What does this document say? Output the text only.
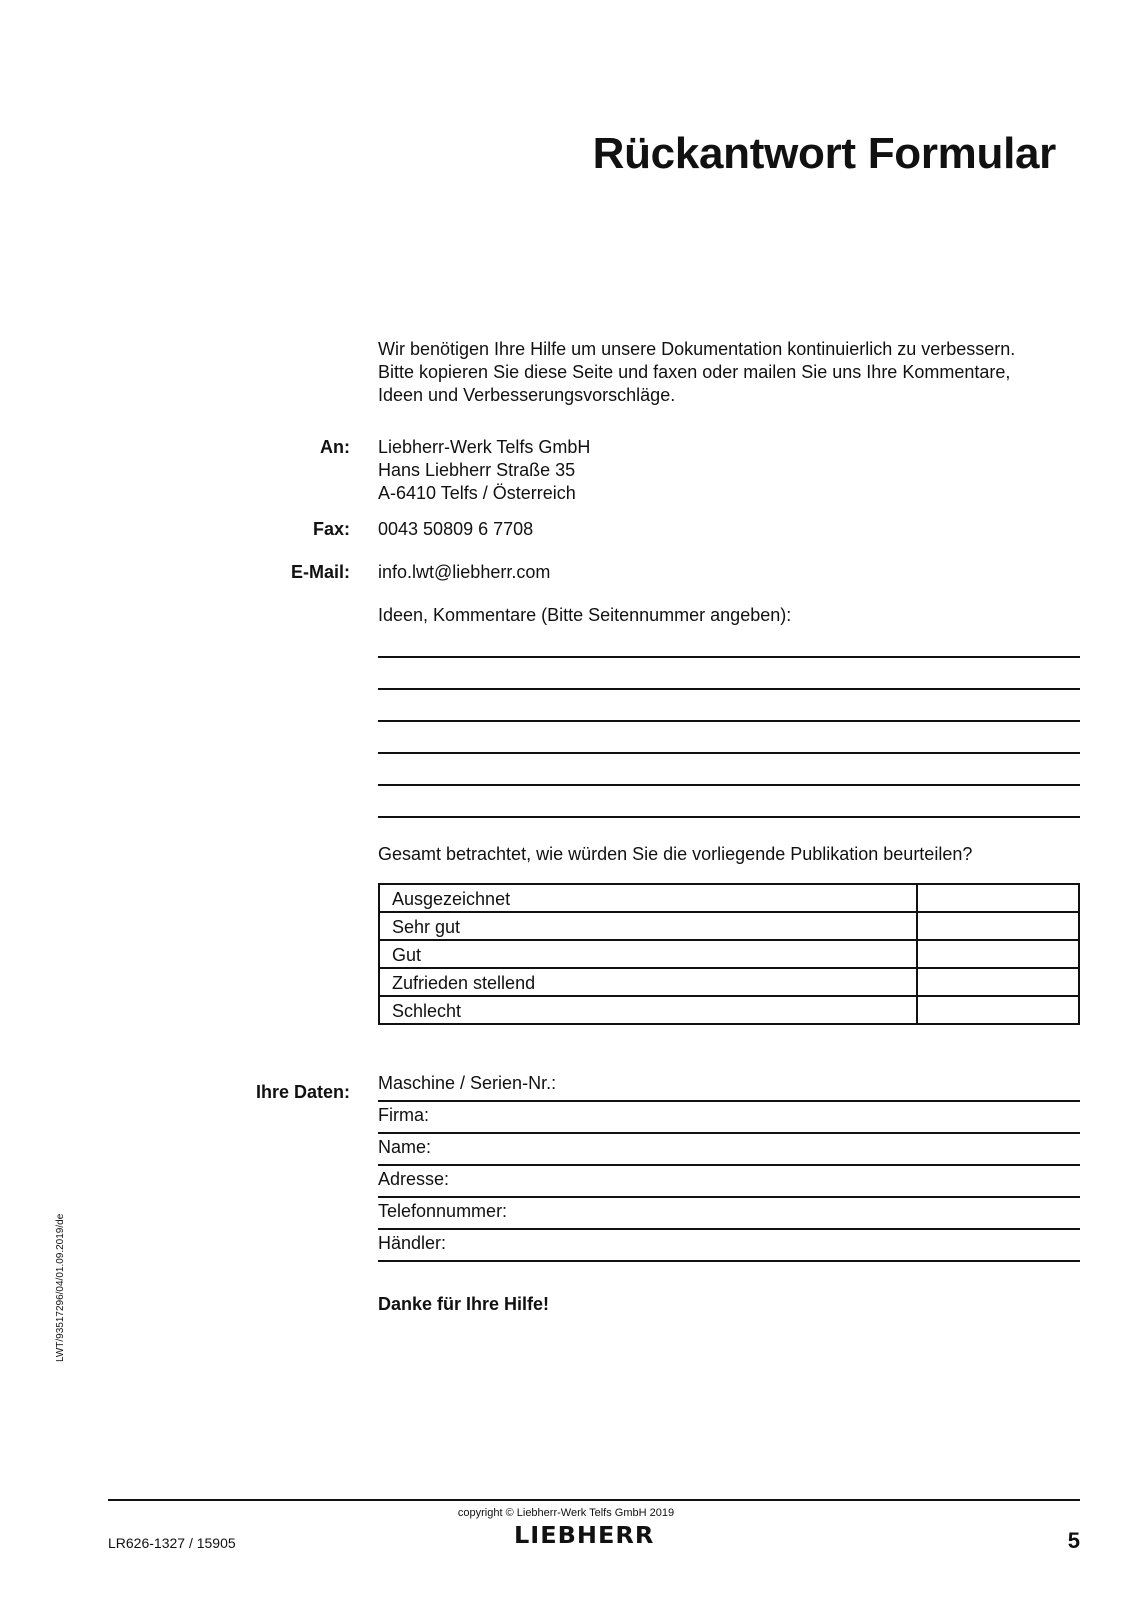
Rückantwort Formular
Wir benötigen Ihre Hilfe um unsere Dokumentation kontinuierlich zu verbessern.
Bitte kopieren Sie diese Seite und faxen oder mailen Sie uns Ihre Kommentare,
Ideen und Verbesserungsvorschläge.
An: Liebherr-Werk Telfs GmbH
Hans Liebherr Straße 35
A-6410 Telfs / Österreich
Fax: 0043 50809 6 7708
E-Mail: info.lwt@liebherr.com
Ideen, Kommentare (Bitte Seitennummer angeben):
Gesamt betrachtet, wie würden Sie die vorliegende Publikation beurteilen?
Ausgezeichnet	
Sehr gut	
Gut	
Zufrieden stellend	
Schlecht	
Ihre Daten: Maschine / Serien-Nr.:
Firma:
Name:
Adresse:
Telefonnummer:
Händler:
Danke für Ihre Hilfe!
LWT/93517296/04/01.09.2019/de
copyright © Liebherr-Werk Telfs GmbH 2019
LR626-1327 / 15905	LIEBHERR	5
